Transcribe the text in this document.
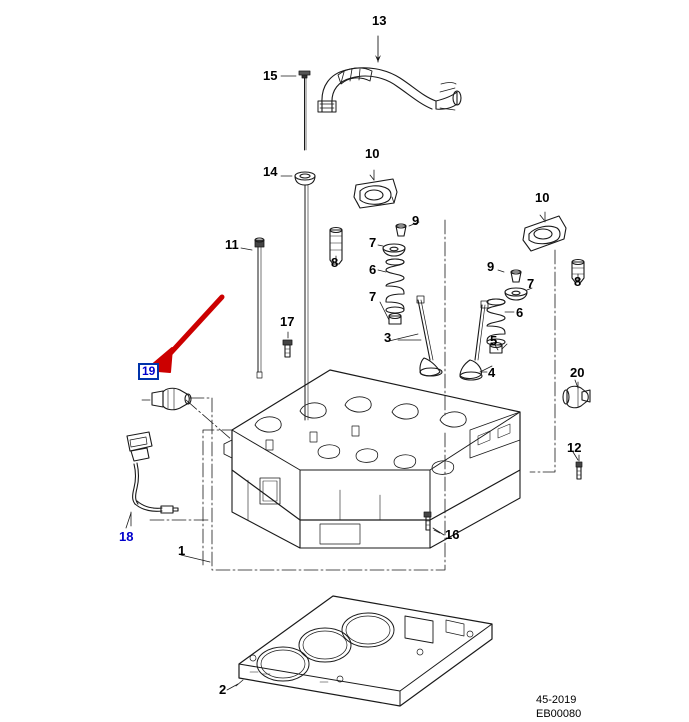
13
15
10
14
10
9
11	7
8 6	9
7	8
7
6
17
3	5
4	20
12
16
18
1
2
19
45-2019
EB00080
